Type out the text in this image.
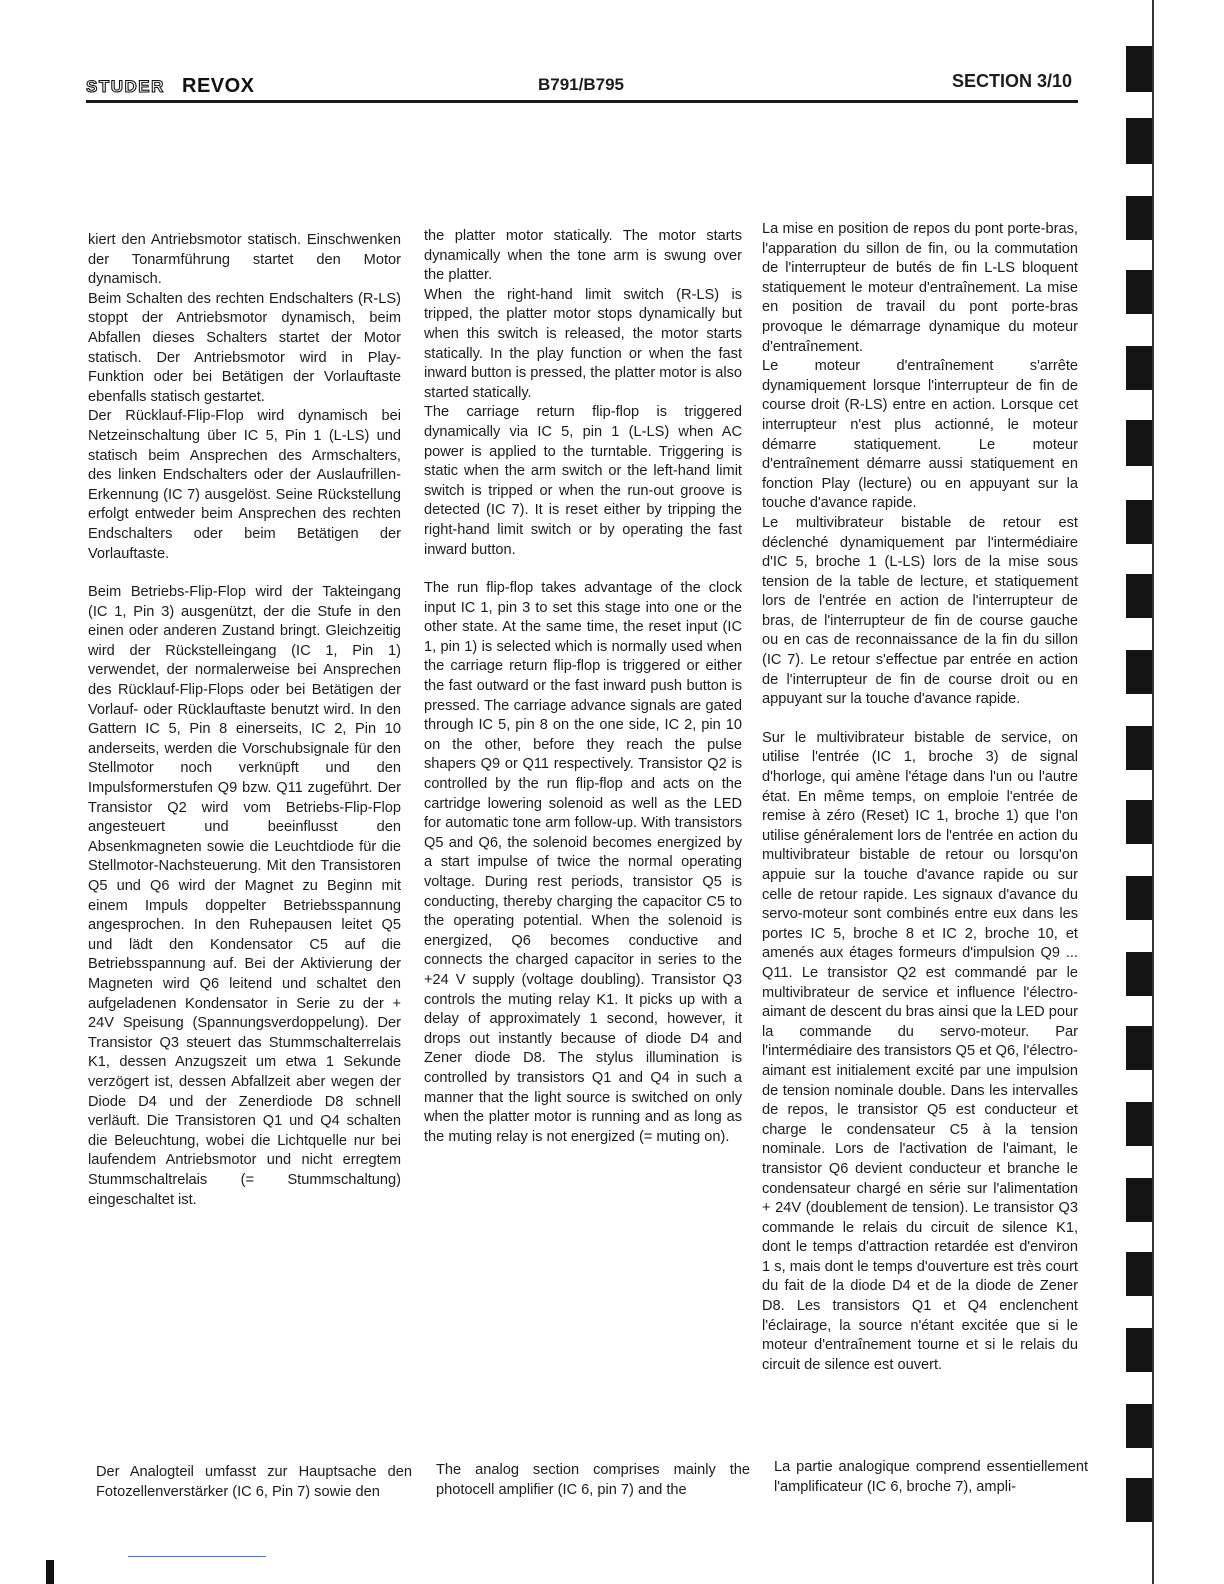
STUDER REVOX	B791/B795	SECTION 3/10

kiert den Antriebsmotor statisch. Einschwenken der Tonarmführung startet den Motor dynamisch.

Beim Schalten des rechten Endschalters (R-LS) stoppt der Antriebsmotor dynamisch, beim Abfallen dieses Schalters startet der Motor statisch. Der Antriebsmotor wird in Play-Funktion oder bei Betätigen der Vorlauftaste ebenfalls statisch gestartet.

Der Rücklauf-Flip-Flop wird dynamisch bei Netzeinschaltung über IC 5, Pin 1 (L-LS) und statisch beim Ansprechen des Armschalters, des linken Endschalters oder der Auslaufrillen-Erkennung (IC 7) ausgelöst. Seine Rückstellung erfolgt entweder beim Ansprechen des rechten Endschalters oder beim Betätigen der Vorlauftaste.

Beim Betriebs-Flip-Flop wird der Takteingang (IC 1, Pin 3) ausgenützt, der die Stufe in den einen oder anderen Zustand bringt. Gleichzeitig wird der Rückstelleingang (IC 1, Pin 1) verwendet, der normalerweise bei Ansprechen des Rücklauf-Flip-Flops oder bei Betätigen der Vorlauf- oder Rücklauftaste benutzt wird. In den Gattern IC 5, Pin 8 einerseits, IC 2, Pin 10 anderseits, werden die Vorschubsignale für den Stellmotor noch verknüpft und den Impulsformerstufen Q9 bzw. Q11 zugeführt. Der Transistor Q2 wird vom Betriebs-Flip-Flop angesteuert und beeinflusst den Absenkmagneten sowie die Leuchtdiode für die Stellmotor-Nachsteuerung. Mit den Transistoren Q5 und Q6 wird der Magnet zu Beginn mit einem Impuls doppelter Betriebsspannung angesprochen. In den Ruhepausen leitet Q5 und lädt den Kondensator C5 auf die Betriebsspannung auf. Bei der Aktivierung der Magneten wird Q6 leitend und schaltet den aufgeladenen Kondensator in Serie zu der + 24V Speisung (Spannungsverdoppelung). Der Transistor Q3 steuert das Stummschalterrelais K1, dessen Anzugszeit um etwa 1 Sekunde verzögert ist, dessen Abfallzeit aber wegen der Diode D4 und der Zenerdiode D8 schnell verläuft. Die Transistoren Q1 und Q4 schalten die Beleuchtung, wobei die Lichtquelle nur bei laufendem Antriebsmotor und nicht erregtem Stummschaltrelais (= Stummschaltung) eingeschaltet ist.

the platter motor statically. The motor starts dynamically when the tone arm is swung over the platter.

When the right-hand limit switch (R-LS) is tripped, the platter motor stops dynamically but when this switch is released, the motor starts statically. In the play function or when the fast inward button is pressed, the platter motor is also started statically.

The carriage return flip-flop is triggered dynamically via IC 5, pin 1 (L-LS) when AC power is applied to the turntable. Triggering is static when the arm switch or the left-hand limit switch is tripped or when the run-out groove is detected (IC 7). It is reset either by tripping the right-hand limit switch or by operating the fast inward button.

The run flip-flop takes advantage of the clock input IC 1, pin 3 to set this stage into one or the other state. At the same time, the reset input (IC 1, pin 1) is selected which is normally used when the carriage return flip-flop is triggered or either the fast outward or the fast inward push button is pressed. The carriage advance signals are gated through IC 5, pin 8 on the one side, IC 2, pin 10 on the other, before they reach the pulse shapers Q9 or Q11 respectively. Transistor Q2 is controlled by the run flip-flop and acts on the cartridge lowering solenoid as well as the LED for automatic tone arm follow-up. With transistors Q5 and Q6, the solenoid becomes energized by a start impulse of twice the normal operating voltage. During rest periods, transistor Q5 is conducting, thereby charging the capacitor C5 to the operating potential. When the solenoid is energized, Q6 becomes conductive and connects the charged capacitor in series to the +24 V supply (voltage doubling). Transistor Q3 controls the muting relay K1. It picks up with a delay of approximately 1 second, however, it drops out instantly because of diode D4 and Zener diode D8. The stylus illumination is controlled by transistors Q1 and Q4 in such a manner that the light source is switched on only when the platter motor is running and as long as the muting relay is not energized (= muting on).

La mise en position de repos du pont porte-bras, l'apparation du sillon de fin, ou la commutation de l'interrupteur de butés de fin L-LS bloquent statiquement le moteur d'entraînement. La mise en position de travail du pont porte-bras provoque le démarrage dynamique du moteur d'entraînement.

Le moteur d'entraînement s'arrête dynamiquement lorsque l'interrupteur de fin de course droit (R-LS) entre en action. Lorsque cet interrupteur n'est plus actionné, le moteur démarre statiquement. Le moteur d'entraînement démarre aussi statiquement en fonction Play (lecture) ou en appuyant sur la touche d'avance rapide.

Le multivibrateur bistable de retour est déclenché dynamiquement par l'intermédiaire d'IC 5, broche 1 (L-LS) lors de la mise sous tension de la table de lecture, et statiquement lors de l'entrée en action de l'interrupteur de bras, de l'interrupteur de fin de course gauche ou en cas de reconnaissance de la fin du sillon (IC 7). Le retour s'effectue par entrée en action de l'interrupteur de fin de course droit ou en appuyant sur la touche d'avance rapide.

Sur le multivibrateur bistable de service, on utilise l'entrée (IC 1, broche 3) de signal d'horloge, qui amène l'étage dans l'un ou l'autre état. En même temps, on emploie l'entrée de remise à zéro (Reset) IC 1, broche 1) que l'on utilise généralement lors de l'entrée en action du multivibrateur bistable de retour ou lorsqu'on appuie sur la touche d'avance rapide ou sur celle de retour rapide. Les signaux d'avance du servo-moteur sont combinés entre eux dans les portes IC 5, broche 8 et IC 2, broche 10, et amenés aux étages formeurs d'impulsion Q9 ... Q11. Le transistor Q2 est commandé par le multivibrateur de service et influence l'électro-aimant de descent du bras ainsi que la LED pour la commande du servo-moteur. Par l'intermédiaire des transistors Q5 et Q6, l'électro-aimant est initialement excité par une impulsion de tension nominale double. Dans les intervalles de repos, le transistor Q5 est conducteur et charge le condensateur C5 à la tension nominale. Lors de l'activation de l'aimant, le transistor Q6 devient conducteur et branche le condensateur chargé en série sur l'alimentation + 24V (doublement de tension). Le transistor Q3 commande le relais du circuit de silence K1, dont le temps d'attraction retardée est d'environ 1 s, mais dont le temps d'ouverture est très court du fait de la diode D4 et de la diode de Zener D8. Les transistors Q1 et Q4 enclenchent l'éclairage, la source n'étant excitée que si le moteur d'entraînement tourne et si le relais du circuit de silence est ouvert.

Der Analogteil umfasst zur Hauptsache den Fotozellenverstärker (IC 6, Pin 7) sowie den

The analog section comprises mainly the photocell amplifier (IC 6, pin 7) and the

La partie analogique comprend essentiellement l'amplificateur (IC 6, broche 7), ampli-
